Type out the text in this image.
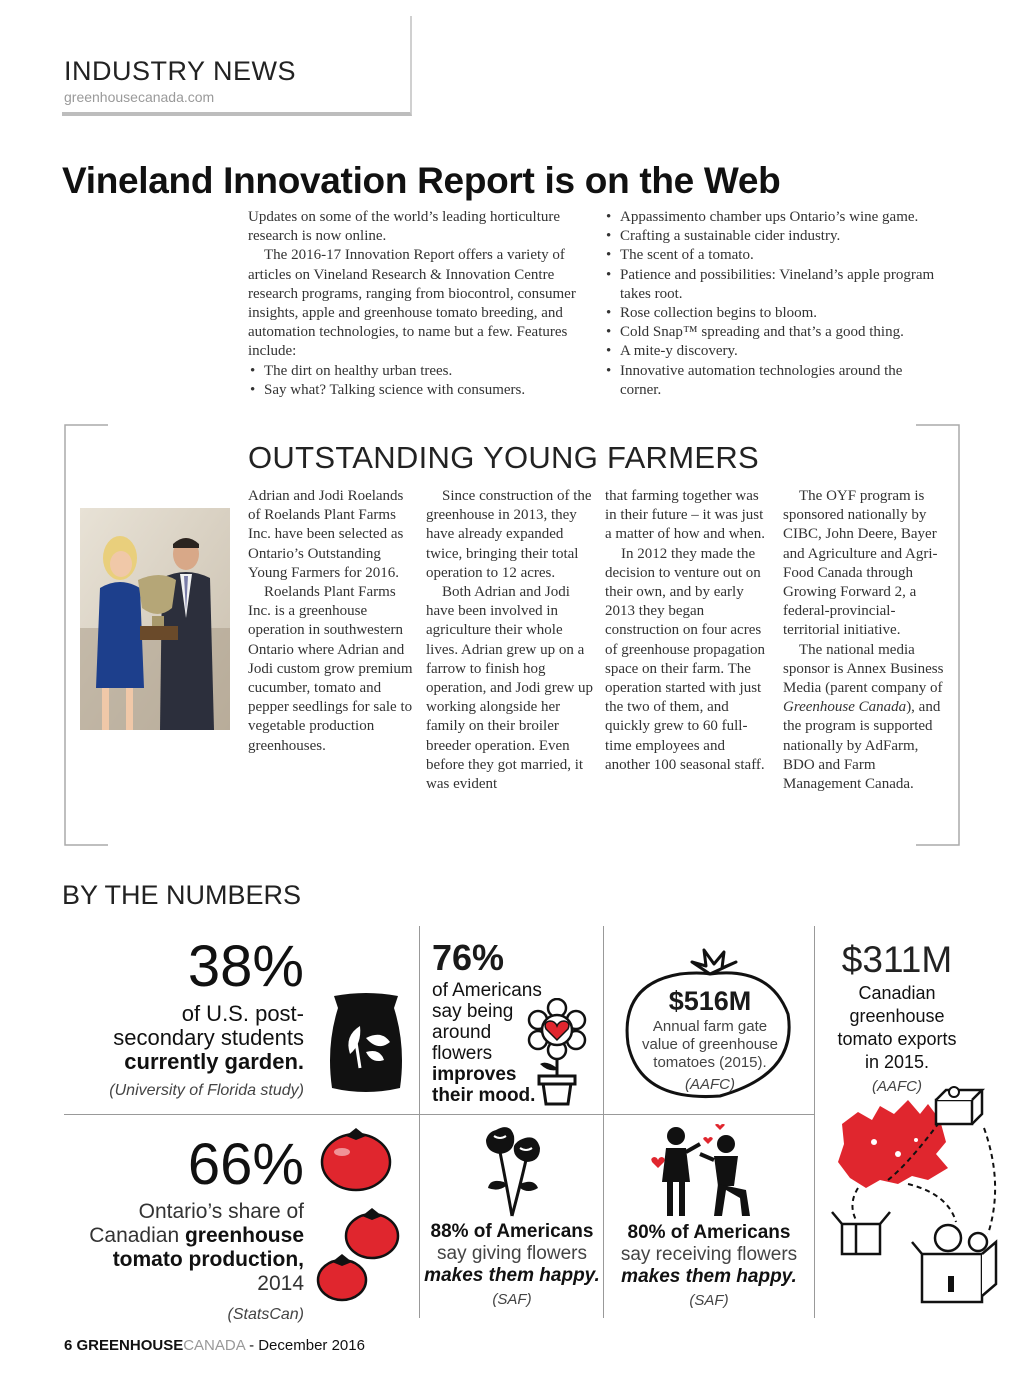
INDUSTRY NEWS
greenhousecanada.com
Vineland Innovation Report is on the Web

Updates on some of the world’s leading horticulture research is now online.

The 2016-17 Innovation Report offers a variety of articles on Vineland Research & Innovation Centre research programs, ranging from biocontrol, consumer insights, apple and greenhouse tomato breeding, and automation technologies, to name but a few. Features include:

• The dirt on healthy urban trees.
• Say what? Talking science with consumers.
• Appassimento chamber ups Ontario’s wine game.
• Crafting a sustainable cider industry.
• The scent of a tomato.
• Patience and possibilities: Vineland’s apple program takes root.
• Rose collection begins to bloom.
• Cold Snap™ spreading and that’s a good thing.
• A mite-y discovery.
• Innovative automation technologies around the corner.
OUTSTANDING YOUNG FARMERS

Adrian and Jodi Roelands of Roelands Plant Farms Inc. have been selected as Ontario’s Outstanding Young Farmers for 2016.

Roelands Plant Farms Inc. is a greenhouse operation in southwestern Ontario where Adrian and Jodi custom grow premium cucumber, tomato and pepper seedlings for sale to vegetable production greenhouses.

Since construction of the greenhouse in 2013, they have already expanded twice, bringing their total operation to 12 acres.

Both Adrian and Jodi have been involved in agriculture their whole lives. Adrian grew up on a farrow to finish hog operation, and Jodi grew up working alongside her family on their broiler breeder operation. Even before they got married, it was evident

that farming together was in their future – it was just a matter of how and when.

In 2012 they made the decision to venture out on their own, and by early 2013 they began construction on four acres of greenhouse propagation space on their farm. The operation started with just the two of them, and quickly grew to 60 full-time employees and another 100 seasonal staff.

The OYF program is sponsored nationally by CIBC, John Deere, Bayer and Agriculture and Agri-Food Canada through Growing Forward 2, a federal-provincial-territorial initiative.

The national media sponsor is Annex Business Media (parent company of Greenhouse Canada), and the program is supported nationally by AdFarm, BDO and Farm Management Canada.

BY THE NUMBERS
38%
of U.S. post-
secondary students
currently garden.
(University of Florida study)
76%
of Americans
say being
around
flowers
improves
their mood.
$516M
Annual farm gate
value of greenhouse
tomatoes (2015).
(AAFC)
$311M
Canadian
greenhouse
tomato exports
in 2015.
(AAFC)
66%
Ontario’s share of
Canadian greenhouse
tomato production, 2014
(StatsCan)
88% of Americans
say giving flowers
makes them happy.
(SAF)
80% of Americans
say receiving flowers
makes them happy.
(SAF)
6 GREENHOUSECANADA - December 2016
